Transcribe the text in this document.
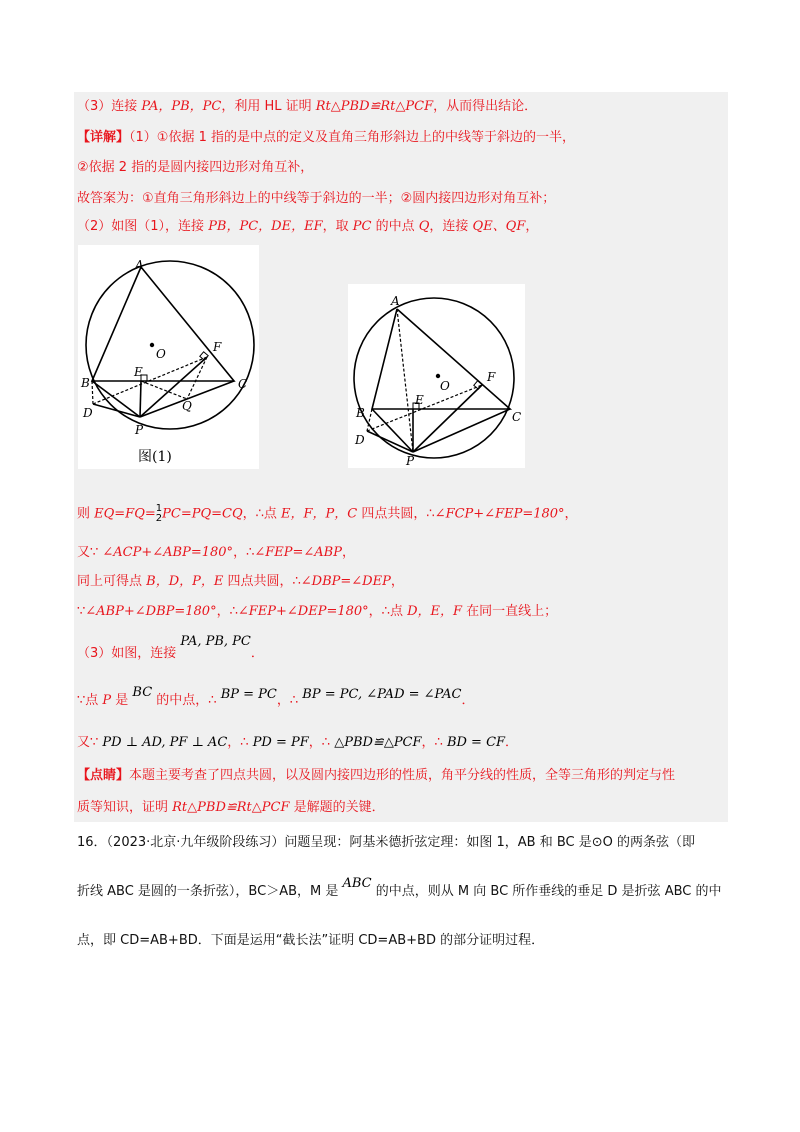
（3）连接 PA，PB，PC，利用 HL 证明 Rt△PBD≌Rt△PCF，从而得出结论．
【详解】（1）①依据 1 指的是中点的定义及直角三角形斜边上的中线等于斜边的一半，
②依据 2 指的是圆内接四边形对角互补，
故答案为：①直角三角形斜边上的中线等于斜边的一半；②圆内接四边形对角互补；
（2）如图（1），连接 PB，PC，DE，EF，取 PC 的中点 Q，连接 QE、QF，
A
O	F
B
E
C
D	Q
P
图(1)
A
O
F
B
E
C
D
P
则 EQ=FQ=1
2PC=PQ=CQ，∴点 E，F，P，C 四点共圆，∴∠FCP+∠FEP=180°，
又∵ ∠ACP+∠ABP=180°，∴∠FEP=∠ABP，
同上可得点 B，D，P，E 四点共圆，∴∠DBP=∠DEP，
∵∠ABP+∠DBP=180°，∴∠FEP+∠DEP=180°，∴点 D，E，F 在同一直线上；
（3）如图，连接 PA, PB, PC．
∵点 P 是 BC 的中点，∴ BP = PC，∴ BP = PC, ∠PAD = ∠PAC．
又∵ PD ⊥ AD, PF ⊥ AC，∴ PD = PF，∴ △PBD≌△PCF，∴ BD = CF．
【点睛】本题主要考查了四点共圆，以及圆内接四边形的性质，角平分线的性质，全等三角形的判定与性
质等知识，证明 Rt△PBD≌Rt△PCF 是解题的关键．
16．（2023·北京·九年级阶段练习）问题呈现：阿基米德折弦定理：如图 1，AB 和 BC 是⊙O 的两条弦（即
折线 ABC 是圆的一条折弦），BC＞AB，M 是 ABC 的中点，则从 M 向 BC 所作垂线的垂足 D 是折弦 ABC 的中
点，即 CD=AB+BD．下面是运用“截长法”证明 CD=AB+BD 的部分证明过程．
